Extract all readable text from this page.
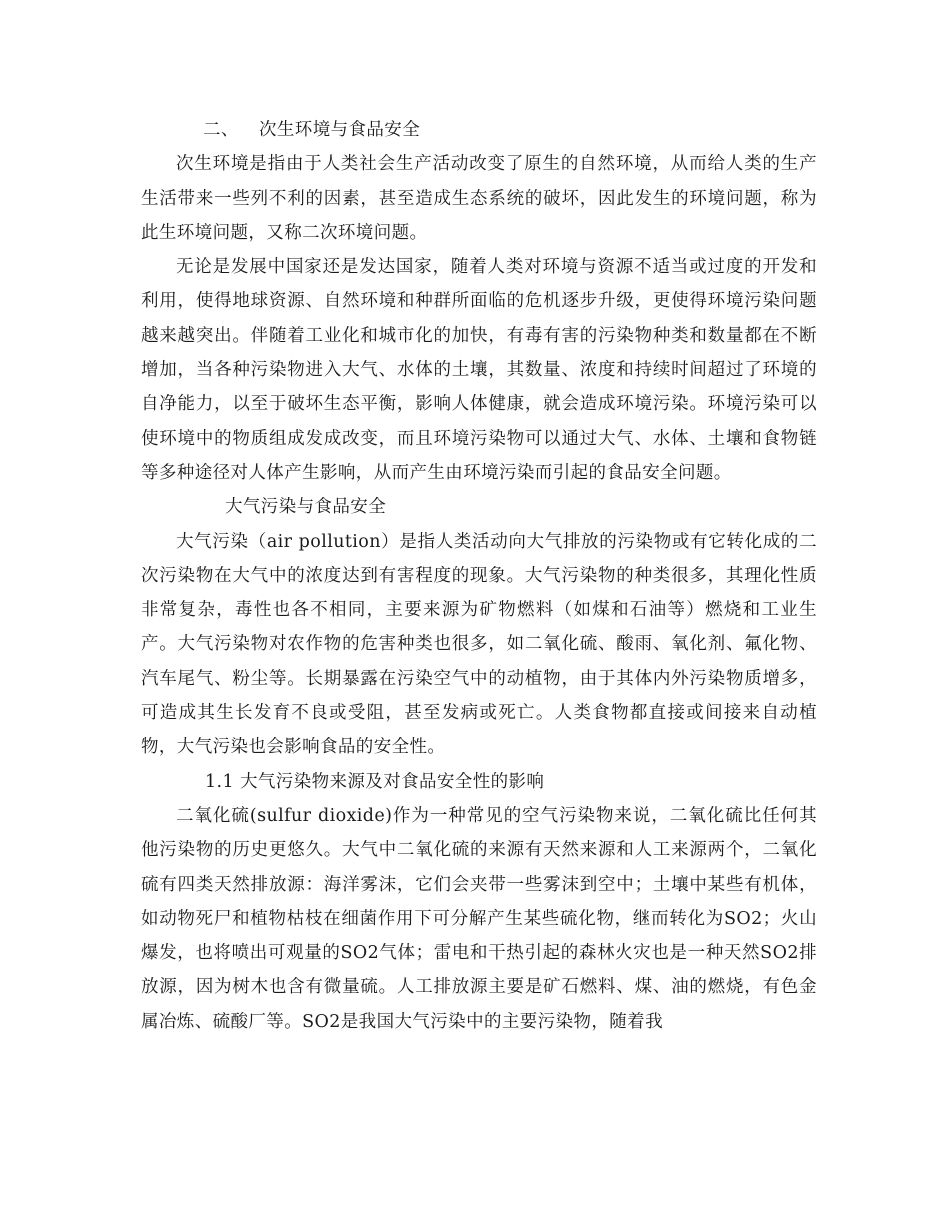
二、 次生环境与食品安全

次生环境是指由于人类社会生产活动改变了原生的自然环境，从而给人类的生产生活带来一些列不利的因素，甚至造成生态系统的破坏，因此发生的环境问题，称为此生环境问题，又称二次环境问题。

无论是发展中国家还是发达国家，随着人类对环境与资源不适当或过度的开发和利用，使得地球资源、自然环境和种群所面临的危机逐步升级，更使得环境污染问题越来越突出。伴随着工业化和城市化的加快，有毒有害的污染物种类和数量都在不断增加，当各种污染物进入大气、水体的土壤，其数量、浓度和持续时间超过了环境的自净能力，以至于破坏生态平衡，影响人体健康，就会造成环境污染。环境污染可以使环境中的物质组成发成改变，而且环境污染物可以通过大气、水体、土壤和食物链等多种途径对人体产生影响，从而产生由环境污染而引起的食品安全问题。

大气污染与食品安全

大气污染（air pollution）是指人类活动向大气排放的污染物或有它转化成的二次污染物在大气中的浓度达到有害程度的现象。大气污染物的种类很多，其理化性质非常复杂，毒性也各不相同，主要来源为矿物燃料（如煤和石油等）燃烧和工业生产。大气污染物对农作物的危害种类也很多，如二氧化硫、酸雨、氧化剂、氟化物、汽车尾气、粉尘等。长期暴露在污染空气中的动植物，由于其体内外污染物质增多，可造成其生长发育不良或受阻，甚至发病或死亡。人类食物都直接或间接来自动植物，大气污染也会影响食品的安全性。

1.1 大气污染物来源及对食品安全性的影响

二氧化硫(sulfur dioxide)作为一种常见的空气污染物来说，二氧化硫比任何其他污染物的历史更悠久。大气中二氧化硫的来源有天然来源和人工来源两个，二氧化硫有四类天然排放源：海洋雾沫，它们会夹带一些雾沫到空中；土壤中某些有机体，如动物死尸和植物枯枝在细菌作用下可分解产生某些硫化物，继而转化为SO2；火山爆发，也将喷出可观量的SO2气体；雷电和干热引起的森林火灾也是一种天然SO2排放源，因为树木也含有微量硫。人工排放源主要是矿石燃料、煤、油的燃烧，有色金属冶炼、硫酸厂等。SO2是我国大气污染中的主要污染物，随着我
